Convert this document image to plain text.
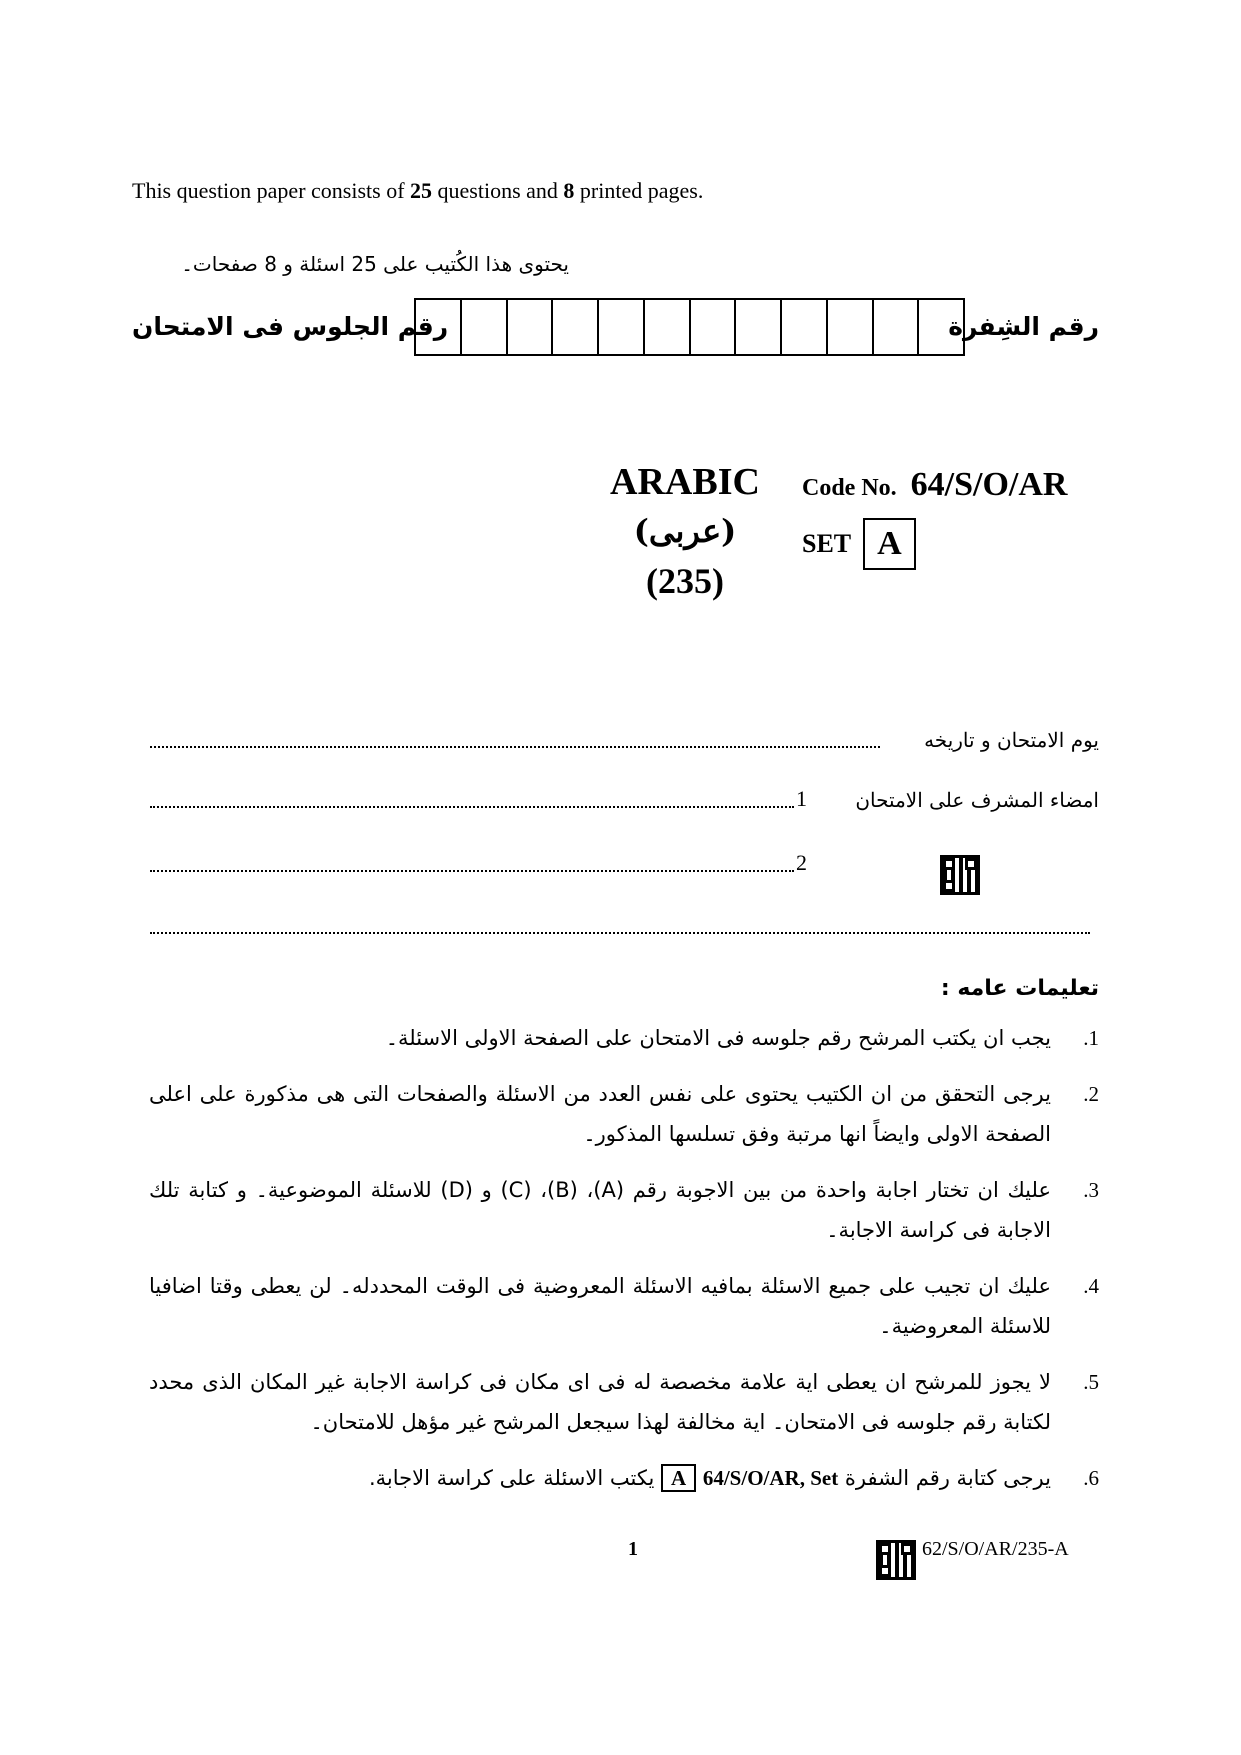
This question paper consists of 25 questions and 8 printed pages.
يحتوى هذا الكُتيب على 25 اسئلة و 8 صفحات۔
رقم الشِفرة
رقم الجلوس فى الامتحان
ARABIC
(عربى)
(235)
Code No. 64/S/O/AR
SET A
يوم الامتحان و تاريخه
1 امضاء المشرف على الامتحان
2
تعليمات عامه :
1.
يجب ان يكتب المرشح رقم جلوسه فى الامتحان على الصفحة الاولى الاسئلة۔
2.
يرجى التحقق من ان الكتيب يحتوى على نفس العدد من الاسئلة والصفحات التى هى مذكورة على اعلى الصفحة الاولى وايضاً انها مرتبة وفق تسلسها المذكور۔
3.
عليك ان تختار اجابة واحدة من بين الاجوبة رقم (A)، (B)، (C) و (D) للاسئلة الموضوعية۔ و كتابة تلك الاجابة فى كراسة الاجابة۔
4.
عليك ان تجيب على جميع الاسئلة بمافيه الاسئلة المعروضية فى الوقت المحددله۔ لن يعطى وقتا اضافيا للاسئلة المعروضية۔
5.
لا يجوز للمرشح ان يعطى اية علامة مخصصة له فى اى مكان فى كراسة الاجابة غير المكان الذى محدد لكتابة رقم جلوسه فى الامتحان۔ اية مخالفة لهذا سيجعل المرشح غير مؤهل للامتحان۔
6.
يرجى كتابة رقم الشفرة 64/S/O/AR, Set A يكتب الاسئلة على كراسة الاجابة.
1	62/S/O/AR/235-A
